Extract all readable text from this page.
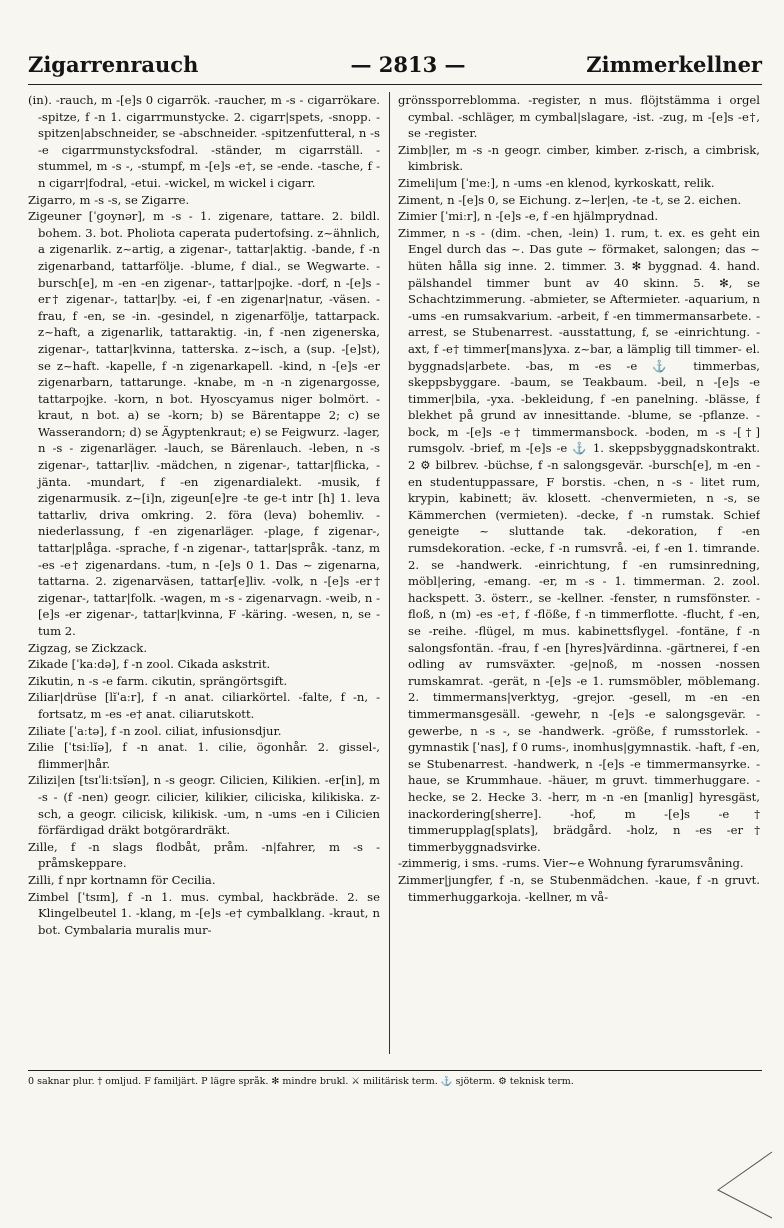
Zigarrenrauch	— 2813 —	Zimmerkellner

(in). -rauch, m -[e]s 0 cigarrök. -raucher, m -s - cigarrökare. -spitze, f -n 1. cigarrmunstycke. 2. cigarr|spets, -snopp. -spitzen|abschneider, se -abschneider. -spitzenfutteral, n -s -e cigarrmunstycksfodral. -ständer, m cigarrställ. -stummel, m -s -, -stumpf, m -[e]s -e†, se -ende. -tasche, f -n cigarr|fodral, -etui. -wickel, m wickel i cigarr.

Zigarro, m -s -s, se Zigarre.

Zigeuner [ˈgoynər], m -s - 1. zigenare, tattare. 2. bildl. bohem. 3. bot. Pholiota caperata pudertofsing. z~ähnlich, a zigenarlik. z~artig, a zigenar-, tattar|aktig. -bande, f -n zigenarband, tattarfölje. -blume, f dial., se Wegwarte. -bursch[e], m -en -en zigenar-, tattar|pojke. -dorf, n -[e]s -er† zigenar-, tattar|by. -ei, f -en zigenar|natur, -väsen. -frau, f -en, se -in. -gesindel, n zigenarfölje, tattarpack. z~haft, a zigenarlik, tattaraktig. -in, f -nen zigenerska, zigenar-, tattar|kvinna, tatterska. z~isch, a (sup. -[e]st), se z~haft. -kapelle, f -n zigenarkapell. -kind, n -[e]s -er zigenarbarn, tattarunge. -knabe, m -n -n zigenargosse, tattarpojke. -korn, n bot. Hyoscyamus niger bolmört. -kraut, n bot. a) se -korn; b) se Bärentappe 2; c) se Wasserandorn; d) se Ägyptenkraut; e) se Feigwurz. -lager, n -s - zigenarläger. -lauch, se Bärenlauch. -leben, n -s zigenar-, tattar|liv. -mädchen, n zigenar-, tattar|flicka, -jänta. -mundart, f -en zigenardialekt. -musik, f zigenarmusik. z~[i]n, zigeun[e]re -te ge-t intr [h] 1. leva tattarliv, driva omkring. 2. föra (leva) bohemliv. -niederlassung, f -en zigenarläger. -plage, f zigenar-, tattar|plåga. -sprache, f -n zigenar-, tattar|språk. -tanz, m -es -e† zigenardans. -tum, n -[e]s 0 1. Das ~ zigenarna, tattarna. 2. zigenarväsen, tattar[e]liv. -volk, n -[e]s -er† zigenar-, tattar|folk. -wagen, m -s - zigenarvagn. -weib, n -[e]s -er zigenar-, tattar|kvinna, F -käring. -wesen, n, se -tum 2.

Zigzag, se Zickzack.

Zikade [ˈkaːdə], f -n zool. Cikada askstrit.

Zikutin, n -s -e farm. cikutin, sprängörtsgift.

Ziliar|drüse [lĭˈaːr], f -n anat. ciliarkörtel. -falte, f -n, -fortsatz, m -es -e† anat. ciliarutskott.

Ziliate [ˈaːtə], f -n zool. ciliat, infusionsdjur.

Zilie [ˈtsiːlĭə], f -n anat. 1. cilie, ögonhår. 2. gissel-, flimmer|hår.

Zilizi|en [tsɪˈliːtsĭən], n -s geogr. Cilicien, Kilikien. -er[in], m -s - (f -nen) geogr. cilicier, kilikier, ciliciska, kilikiska. z-sch, a geogr. cilicisk, kilikisk. -um, n -ums -en i Cilicien förfärdigad dräkt botgörardräkt.

Zille, f -n slags flodbåt, pråm. -n|fahrer, m -s - pråmskeppare.

Zilli, f npr kortnamn för Cecilia.

Zimbel [ˈtsɪm], f -n 1. mus. cymbal, hackbräde. 2. se Klingelbeutel 1. -klang, m -[e]s -e† cymbalklang. -kraut, n bot. Cymbalaria muralis mur-

grönssporreblomma. -register, n mus. flöjtstämma i orgel cymbal. -schläger, m cymbal|slagare, -ist. -zug, m -[e]s -e†, se -register.

Zimb|ler, m -s -n geogr. cimber, kimber. z-risch, a cimbrisk, kimbrisk.

Zimeli|um [ˈmeː], n -ums -en klenod, kyrkoskatt, relik.

Ziment, n -[e]s 0, se Eichung. z~ler|en, -te -t, se 2. eichen.

Zimier [ˈmiːr], n -[e]s -e, f -en hjälmprydnad.

Zimmer, n -s - (dim. -chen, -lein) 1. rum, t. ex. es geht ein Engel durch das ~. Das gute ~ förmaket, salongen; das ~ hüten hålla sig inne. 2. timmer. 3. ✻ byggnad. 4. hand. pälshandel timmer bunt av 40 skinn. 5. ✻, se Schachtzimmerung. -abmieter, se Aftermieter. -aquarium, n -ums -en rumsakvarium. -arbeit, f -en timmermansarbete. -arrest, se Stubenarrest. -ausstattung, f, se -einrichtung. -axt, f -e† timmer[mans]yxa. z~bar, a lämplig till timmer- el. byggnads|arbete. -bas, m -es -e ⚓ timmerbas, skeppsbyggare. -baum, se Teakbaum. -beil, n -[e]s -e timmer|bila, -yxa. -bekleidung, f -en panelning. -blässe, f blekhet på grund av innesittande. -blume, se -pflanze. -bock, m -[e]s -e† timmermansbock. -boden, m -s -[†] rumsgolv. -brief, m -[e]s -e ⚓ 1. skeppsbyggnadskontrakt. 2 ⚙ bilbrev. -büchse, f -n salongsgevär. -bursch[e], m -en -en studentuppassare, F borstis. -chen, n -s - litet rum, krypin, kabinett; äv. klosett. -chenvermieten, n -s, se Kämmerchen (vermieten). -decke, f -n rumstak. Schief geneigte ~ sluttande tak. -dekoration, f -en rumsdekoration. -ecke, f -n rumsvrå. -ei, f -en 1. timrande. 2. se -handwerk. -einrichtung, f -en rumsinredning, möbl|ering, -emang. -er, m -s - 1. timmerman. 2. zool. hackspett. 3. österr., se -kellner. -fenster, n rumsfönster. -floß, n (m) -es -e†, f -flöße, f -n timmerflotte. -flucht, f -en, se -reihe. -flügel, m mus. kabinettsflygel. -fontäne, f -n salongsfontän. -frau, f -en [hyres]värdinna. -gärtnerei, f -en odling av rumsväxter. -ge|noß, m -nossen -nossen rumskamrat. -gerät, n -[e]s -e 1. rumsmöbler, möblemang. 2. timmermans|verktyg, -grejor. -gesell, m -en -en timmermansgesäll. -gewehr, n -[e]s -e salongsgevär. -gewerbe, n -s -, se -handwerk. -größe, f rumsstorlek. -gymnastik [ˈnas], f 0 rums-, inomhus|gymnastik. -haft, f -en, se Stubenarrest. -handwerk, n -[e]s -e timmermansyrke. -haue, se Krummhaue. -häuer, m gruvt. timmerhuggare. -hecke, se 2. Hecke 3. -herr, m -n -en [manlig] hyresgäst, inackordering[sherre]. -hof, m -[e]s -e† timmerupplag[splats], brädgård. -holz, n -es -er† timmerbyggnadsvirke.

-zimmerig, i sms. -rums. Vier~e Wohnung fyrarumsvåning.

Zimmer|jungfer, f -n, se Stubenmädchen. -kaue, f -n gruvt. timmerhuggarkoja. -kellner, m vå-

0 saknar plur. † omljud. F familjärt. P lägre språk. ✻ mindre brukl. ⚔ militärisk term. ⚓ sjöterm. ⚙ teknisk term.
